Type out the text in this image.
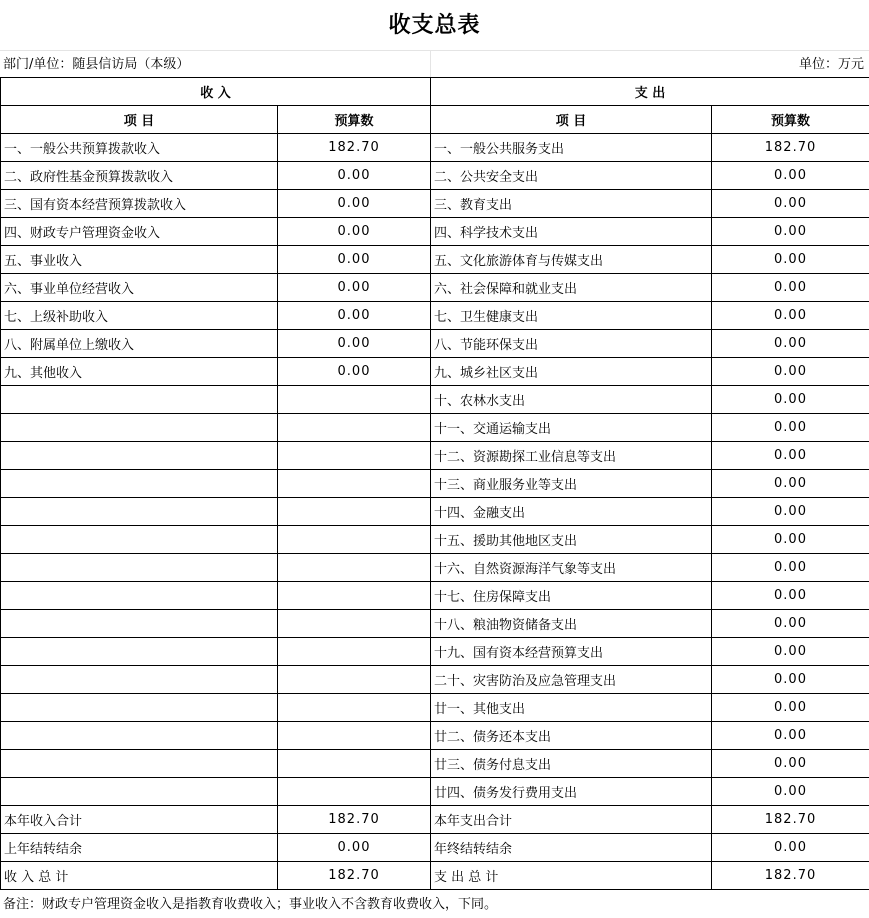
收支总表
部门/单位：随县信访局（本级）	单位：万元
收 入		支 出	
项 目	预算数	项 目	预算数
一、一般公共预算拨款收入	182.70	一、一般公共服务支出	182.70
二、政府性基金预算拨款收入	0.00	二、公共安全支出	0.00
三、国有资本经营预算拨款收入	0.00	三、教育支出	0.00
四、财政专户管理资金收入	0.00	四、科学技术支出	0.00
五、事业收入	0.00	五、文化旅游体育与传媒支出	0.00
六、事业单位经营收入	0.00	六、社会保障和就业支出	0.00
七、上级补助收入	0.00	七、卫生健康支出	0.00
八、附属单位上缴收入	0.00	八、节能环保支出	0.00
九、其他收入	0.00	九、城乡社区支出	0.00
		十、农林水支出	0.00
		十一、交通运输支出	0.00
		十二、资源勘探工业信息等支出	0.00
		十三、商业服务业等支出	0.00
		十四、金融支出	0.00
		十五、援助其他地区支出	0.00
		十六、自然资源海洋气象等支出	0.00
		十七、住房保障支出	0.00
		十八、粮油物资储备支出	0.00
		十九、国有资本经营预算支出	0.00
		二十、灾害防治及应急管理支出	0.00
		廿一、其他支出	0.00
		廿二、债务还本支出	0.00
		廿三、债务付息支出	0.00
		廿四、债务发行费用支出	0.00
本年收入合计	182.70	本年支出合计	182.70
上年结转结余	0.00	年终结转结余	0.00
收 入 总 计	182.70	支 出 总 计	182.70
备注：财政专户管理资金收入是指教育收费收入；事业收入不含教育收费收入，下同。
